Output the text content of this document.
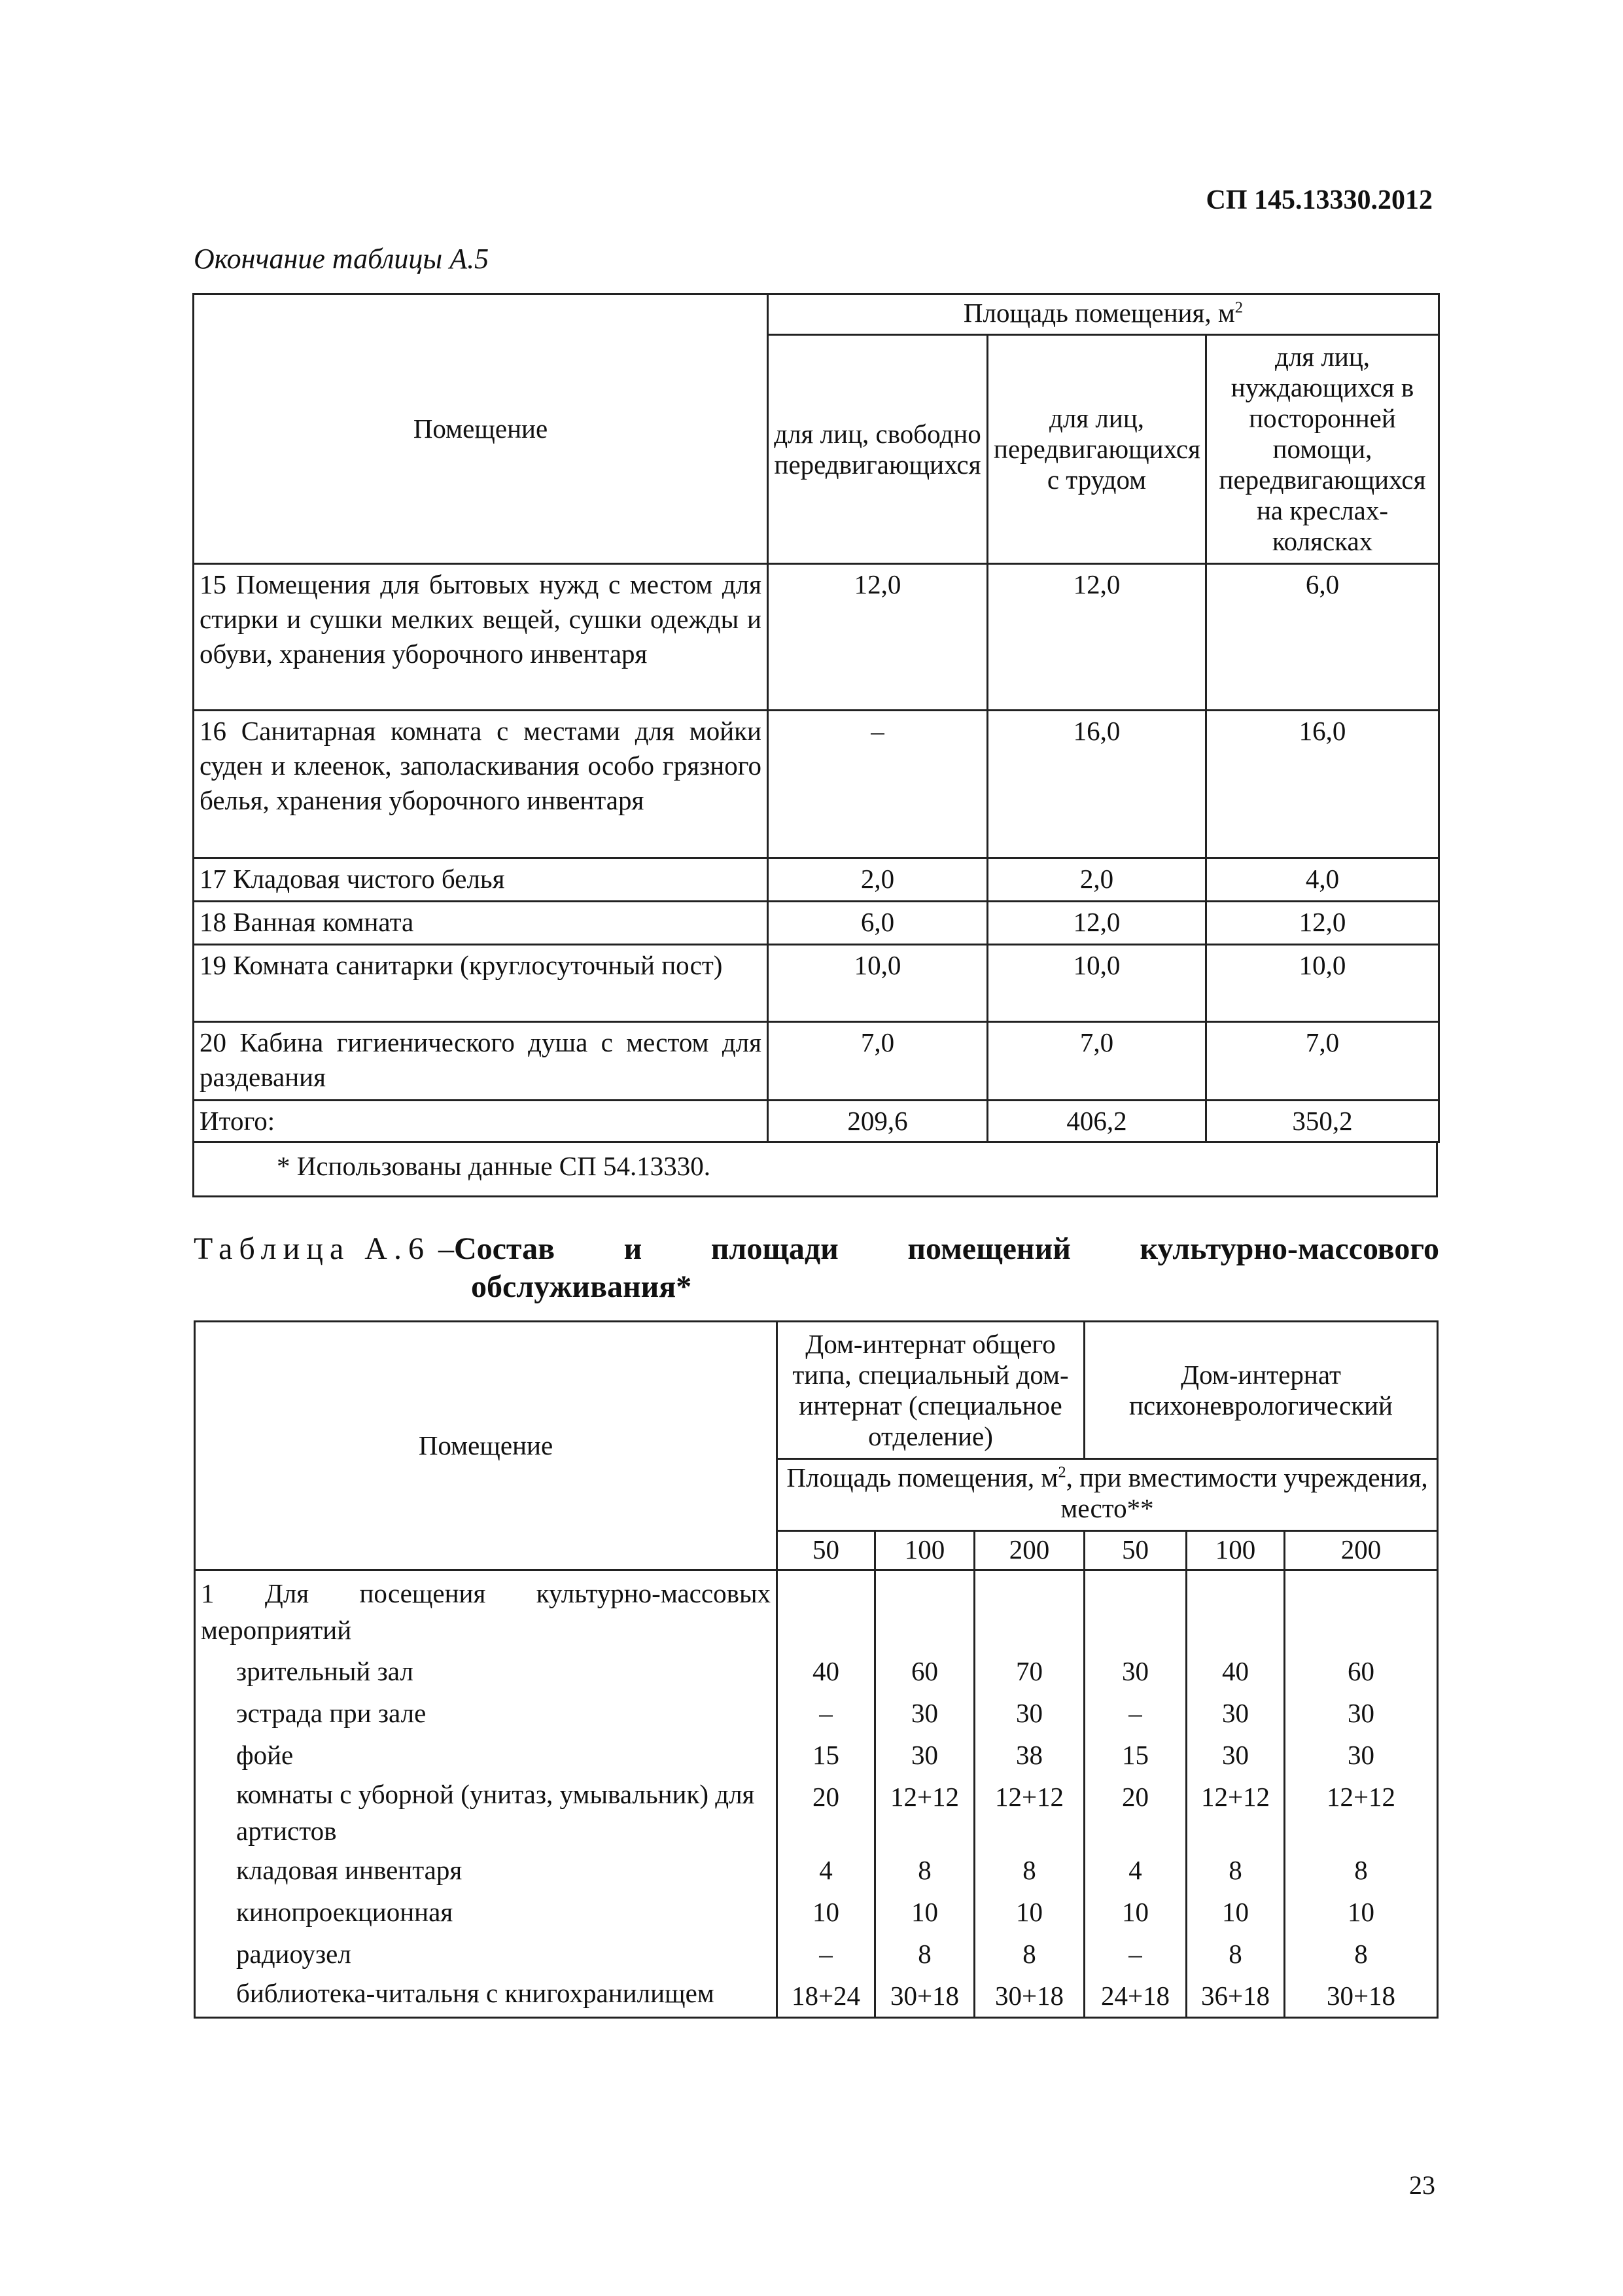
СП 145.13330.2012
Окончание таблицы А.5
Помещение	Площадь помещения, $м^2$
	для лиц, свободно передвигающихся	для лиц, передвигающихся с трудом	для лиц, нуждающихся в посторонней помощи, передвигающихся на креслах-колясках
15 Помещения для бытовых нужд с местом для стирки и сушки мелких вещей, сушки одежды и обуви, хранения уборочного инвентаря	12,0	12,0	6,0
16 Санитарная комната с местами для мойки суден и клеенок, заполаскивания особо грязного белья, хранения уборочного инвентаря	–	16,0	16,0
17 Кладовая чистого белья	2,0	2,0	4,0
18 Ванная комната	6,0	12,0	12,0
19 Комната санитарки (круглосуточный пост)	10,0	10,0	10,0
20 Кабина гигиенического душа с местом для раздевания	7,0	7,0	7,0
Итого:	209,6	406,2	350,2
* Использованы данные СП 54.13330.
Таблица А.6 –Состав и площади помещений культурно-массового
обслуживания*
Помещение	Дом-интернат общего типа, специальный дом-интернат (специальное отделение)			Дом-интернат психоневрологический		
	Площадь помещения, $м^2$, при вместимости учреждения, место**					
	50	100	200	50	100	200
1 Для посещения культурно-массовых мероприятий						
зрительный зал	40	60	70	30	40	60
эстрада при зале	–	30	30	–	30	30
фойе	15	30	38	15	30	30
комнаты с уборной (унитаз, умывальник) для артистов	20	12+12	12+12	20	12+12	12+12
кладовая инвентаря	4	8	8	4	8	8
кинопроекционная	10	10	10	10	10	10
радиоузел	–	8	8	–	8	8
библиотека-читальня с книгохранилищем	18+24	30+18	30+18	24+18	36+18	30+18
23
